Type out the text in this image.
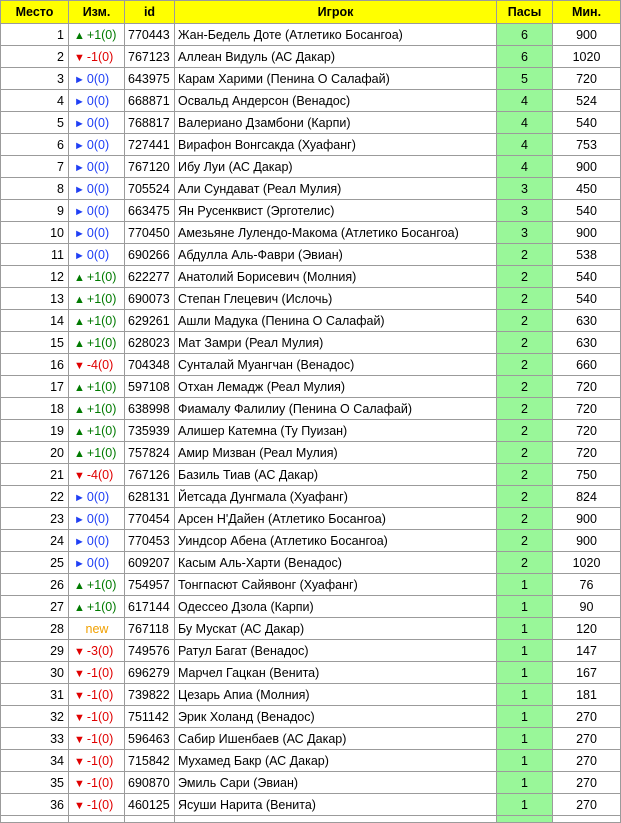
Место	Изм.	id	Игрок	Пасы	Мин.
1	▲ +1(0)	770443	Жан-Бедель Доте (Атлетико Босангоа)	6	900
2	▼ -1(0)	767123	Аллеан Видуль (АС Дакар)	6	1020
3	► 0(0)	643975	Карам Харими (Пенина О Салафай)	5	720
4	► 0(0)	668871	Освальд Андерсон (Венадос)	4	524
5	► 0(0)	768817	Валериано Дзамбони (Карпи)	4	540
6	► 0(0)	727441	Вирафон Вонгсакда (Хуафанг)	4	753
7	► 0(0)	767120	Ибу Луи (АС Дакар)	4	900
8	► 0(0)	705524	Али Сундават (Реал Мулия)	3	450
9	► 0(0)	663475	Ян Русенквист (Эрготелис)	3	540
10	► 0(0)	770450	Амезьяне Лулендо-Макома (Атлетико Босангоа)	3	900
11	► 0(0)	690266	Абдулла Аль-Фаври (Эвиан)	2	538
12	▲ +1(0)	622277	Анатолий Борисевич (Молния)	2	540
13	▲ +1(0)	690073	Степан Глецевич (Ислочь)	2	540
14	▲ +1(0)	629261	Ашли Мадука (Пенина О Салафай)	2	630
15	▲ +1(0)	628023	Мат Замри (Реал Мулия)	2	630
16	▼ -4(0)	704348	Сунталай Муангчан (Венадос)	2	660
17	▲ +1(0)	597108	Отхан Лемадж (Реал Мулия)	2	720
18	▲ +1(0)	638998	Фиамалу Фалилиу (Пенина О Салафай)	2	720
19	▲ +1(0)	735939	Алишер Катемна (Ту Пуизан)	2	720
20	▲ +1(0)	757824	Амир Мизван (Реал Мулия)	2	720
21	▼ -4(0)	767126	Базиль Тиав (АС Дакар)	2	750
22	► 0(0)	628131	Йетсада Дунгмала (Хуафанг)	2	824
23	► 0(0)	770454	Арсен Н'Дайен (Атлетико Босангоа)	2	900
24	► 0(0)	770453	Уиндсор Абена (Атлетико Босангоа)	2	900
25	► 0(0)	609207	Касым Аль-Харти (Венадос)	2	1020
26	▲ +1(0)	754957	Тонгпасют Сайявонг (Хуафанг)	1	76
27	▲ +1(0)	617144	Одессео Дзола (Карпи)	1	90
28	new	767118	Бу Мускат (АС Дакар)	1	120
29	▼ -3(0)	749576	Ратул Багат (Венадос)	1	147
30	▼ -1(0)	696279	Марчел Гацкан (Венита)	1	167
31	▼ -1(0)	739822	Цезарь Апиа (Молния)	1	181
32	▼ -1(0)	751142	Эрик Холанд (Венадос)	1	270
33	▼ -1(0)	596463	Сабир Ишенбаев (АС Дакар)	1	270
34	▼ -1(0)	715842	Мухамед Бакр (АС Дакар)	1	270
35	▼ -1(0)	690870	Эмиль Сари (Эвиан)	1	270
36	▼ -1(0)	460125	Ясуши Нарита (Венита)	1	270
